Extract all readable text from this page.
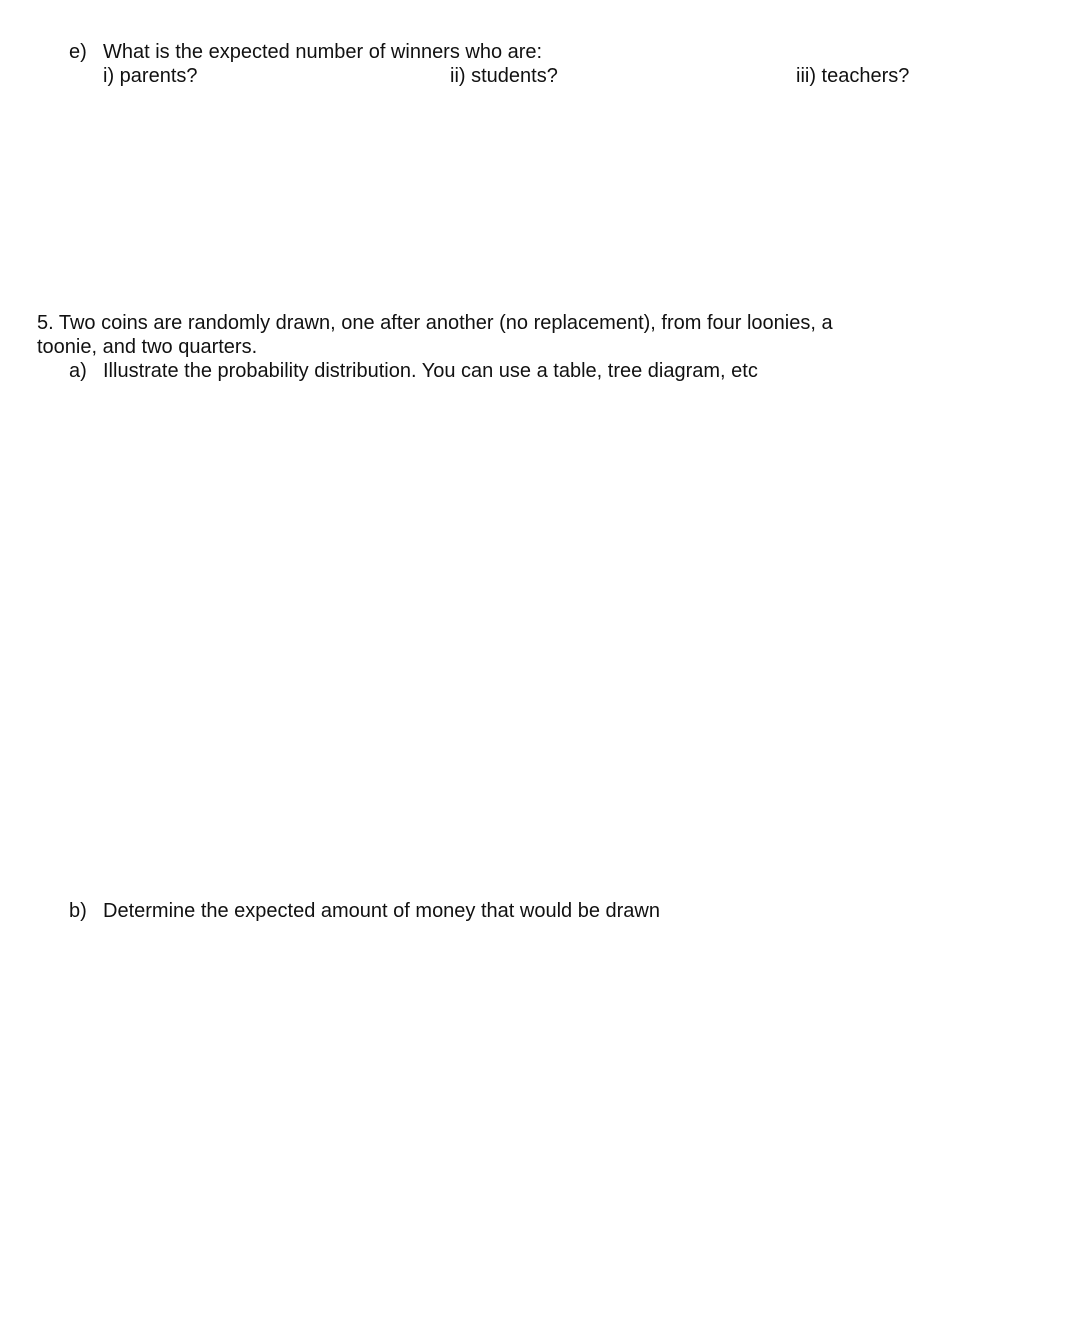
e) What is the expected number of winners who are:
i) parents?	ii) students?	iii) teachers?
5. Two coins are randomly drawn, one after another (no replacement), from four loonies, a
toonie, and two quarters.
a) Illustrate the probability distribution. You can use a table, tree diagram, etc
b) Determine the expected amount of money that would be drawn
